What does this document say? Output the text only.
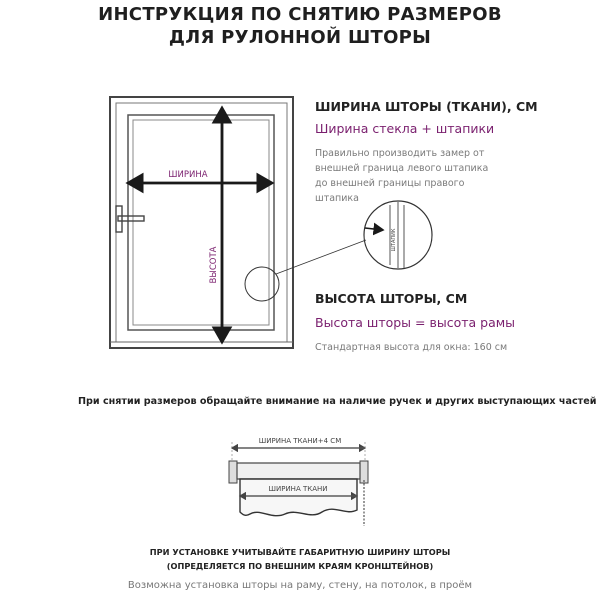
ИНСТРУКЦИЯ ПО СНЯТИЮ РАЗМЕРОВ
ДЛЯ РУЛОННОЙ ШТОРЫ
ШИРИНА
ВЫСОТА
ШТАПИК
ШИРИНА ШТОРЫ (ТКАНИ), СМ
Ширина стекла + штапики
Правильно производить замер от
внешней граница левого штапика
до внешней границы правого
штапика
ВЫСОТА ШТОРЫ, СМ
Высота шторы = высота рамы
Стандартная высота для окна: 160 см
При снятии размеров обращайте внимание на наличие ручек и других выступающих частей
ШИРИНА ТКАНИ+4 СМ
ШИРИНА ТКАНИ
ПРИ УСТАНОВКЕ УЧИТЫВАЙТЕ ГАБАРИТНУЮ ШИРИНУ ШТОРЫ
(ОПРЕДЕЛЯЕТСЯ ПО ВНЕШНИМ КРАЯМ КРОНШТЕЙНОВ)
Возможна установка шторы на раму, стену, на потолок, в проём
